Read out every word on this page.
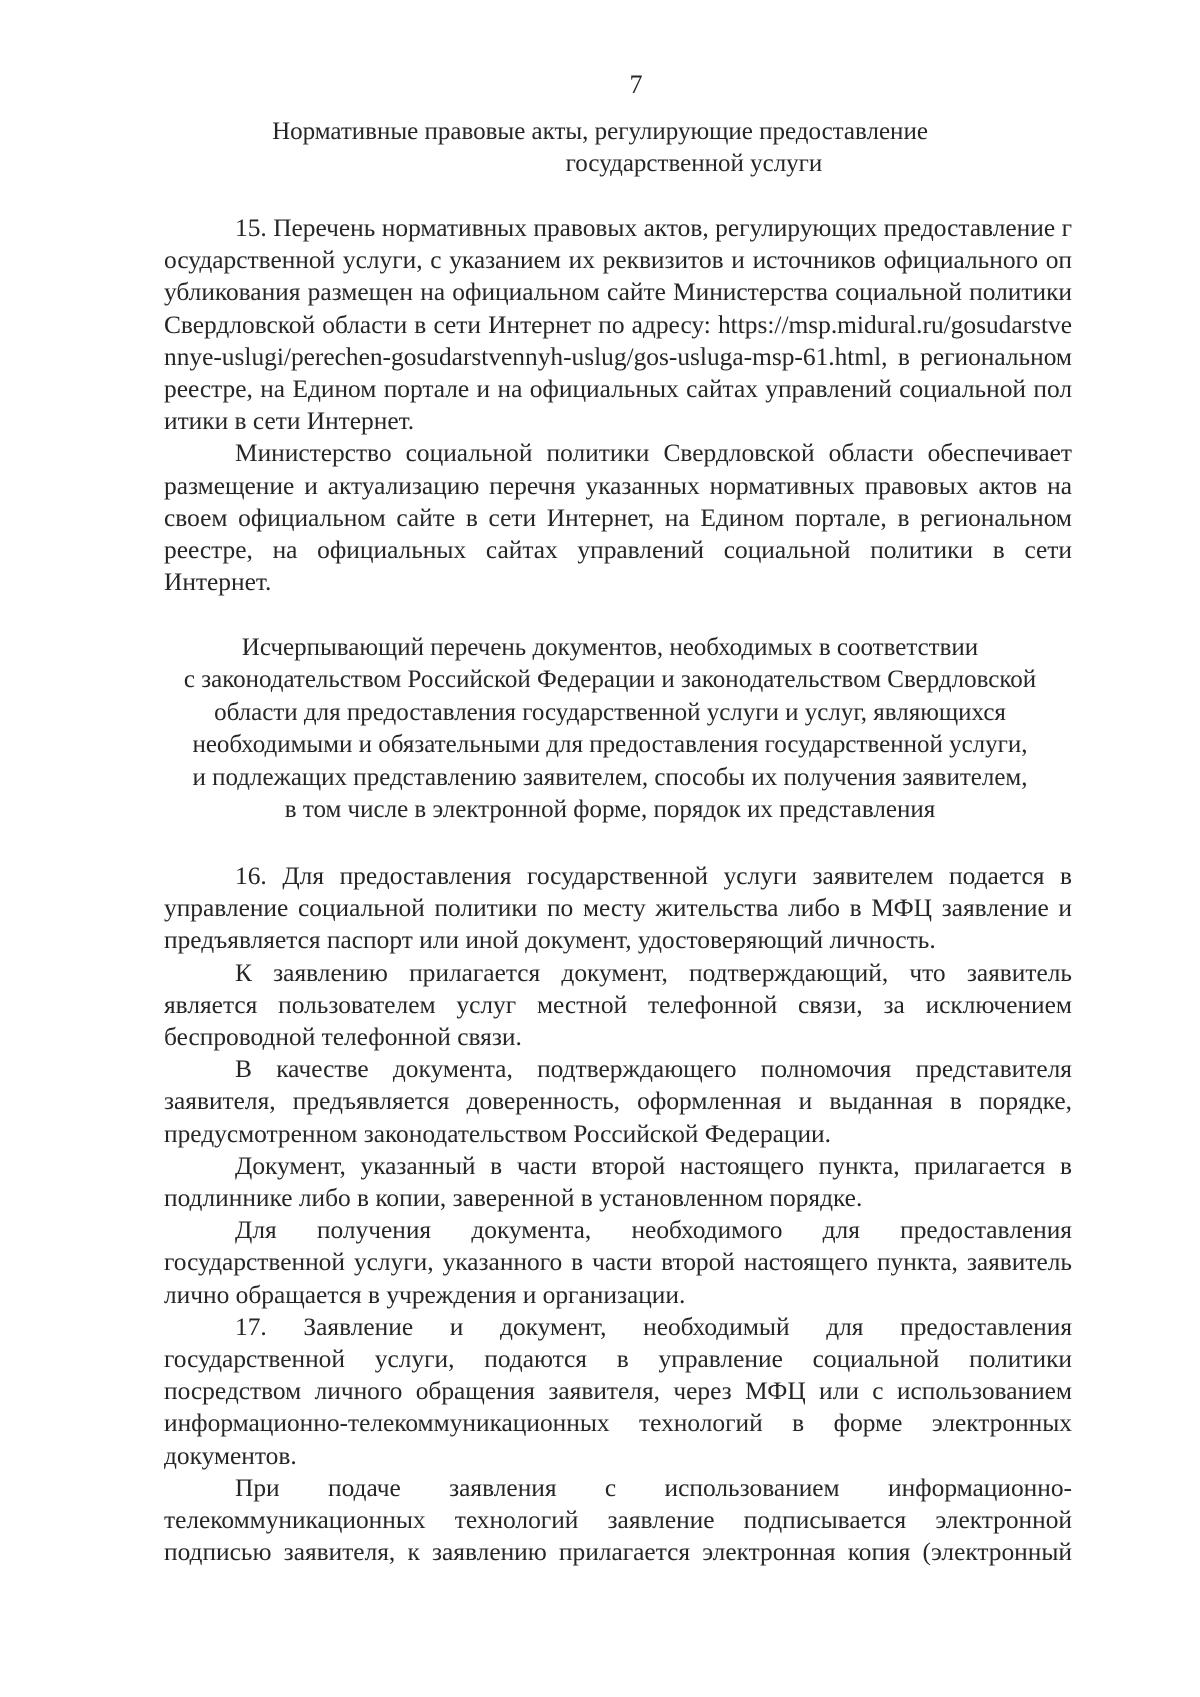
7
Нормативные правовые акты, регулирующие предоставление
государственной услуги

15. Перечень нормативных правовых актов, регулирующих предоставление государственной услуги, с указанием их реквизитов и источников официального опубликования размещен на официальном сайте Министерства социальной политики Свердловской области в сети Интернет по адресу: https://msp.midural.ru/gosudarstvennye-uslugi/perechen-gosudarstvennyh-uslug/gos-usluga-msp-61.html, в региональном реестре, на Едином портале и на официальных сайтах управлений социальной политики в сети Интернет.

Министерство социальной политики Свердловской области обеспечивает размещение и актуализацию перечня указанных нормативных правовых актов на своем официальном сайте в сети Интернет, на Едином портале, в региональном реестре, на официальных сайтах управлений социальной политики в сети Интернет.

Исчерпывающий перечень документов, необходимых в соответствии
с законодательством Российской Федерации и законодательством Свердловской
области для предоставления государственной услуги и услуг, являющихся
необходимыми и обязательными для предоставления государственной услуги,
и подлежащих представлению заявителем, способы их получения заявителем,
в том числе в электронной форме, порядок их представления

16. Для предоставления государственной услуги заявителем подается в управление социальной политики по месту жительства либо в МФЦ заявление и предъявляется паспорт или иной документ, удостоверяющий личность.

К заявлению прилагается документ, подтверждающий, что заявитель является пользователем услуг местной телефонной связи, за исключением беспроводной телефонной связи.

В качестве документа, подтверждающего полномочия представителя заявителя, предъявляется доверенность, оформленная и выданная в порядке, предусмотренном законодательством Российской Федерации.

Документ, указанный в части второй настоящего пункта, прилагается в подлиннике либо в копии, заверенной в установленном порядке.

Для получения документа, необходимого для предоставления государственной услуги, указанного в части второй настоящего пункта, заявитель лично обращается в учреждения и организации.

17. Заявление и документ, необходимый для предоставления государственной услуги, подаются в управление социальной политики посредством личного обращения заявителя, через МФЦ или с использованием информационно-телекоммуникационных технологий в форме электронных документов.

При подаче заявления с использованием информационно-телекоммуникационных технологий заявление подписывается электронной подписью заявителя, к заявлению прилагается электронная копия (электронный
